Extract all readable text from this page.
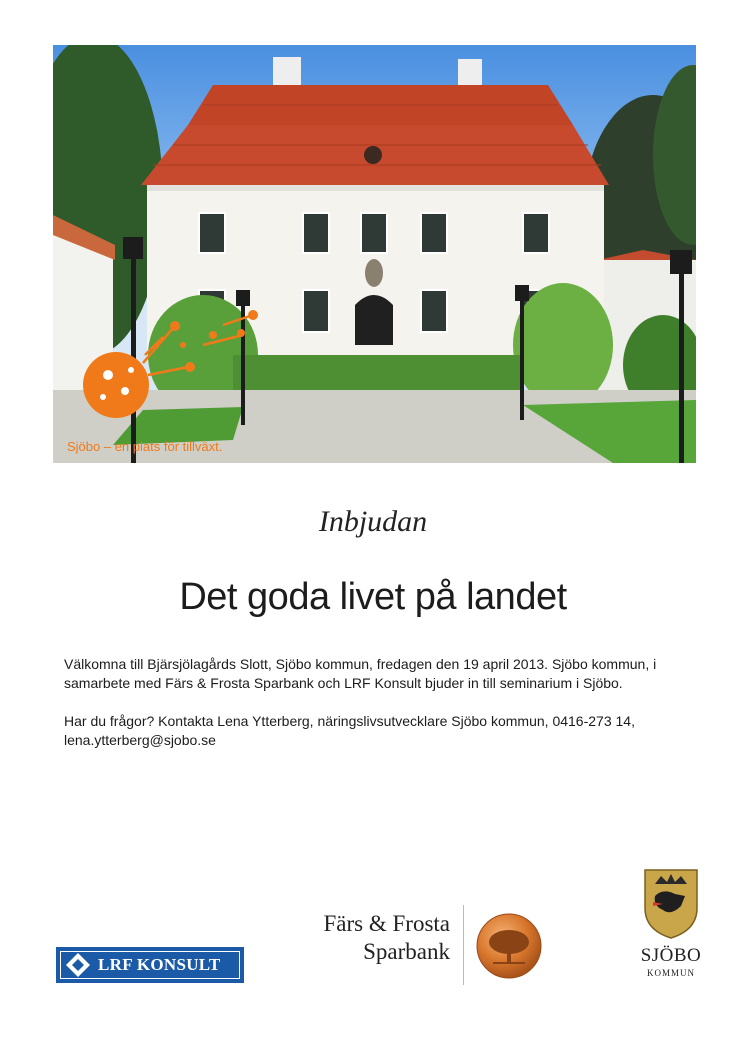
Sjöbo – en plats för tillväxt.
Inbjudan
Det goda livet på landet

Välkomna till Bjärsjölagårds Slott, Sjöbo kommun, fredagen den 19 april 2013. Sjöbo kommun, i samarbete med Färs & Frosta Sparbank och LRF Konsult bjuder in till seminarium i Sjöbo.

Har du frågor? Kontakta Lena Ytterberg, näringslivsutvecklare Sjöbo kommun, 0416-273 14, lena.ytterberg@sjobo.se

LRF KONSULT
Färs & Frosta
Sparbank	SJÖBO
KOMMUN
